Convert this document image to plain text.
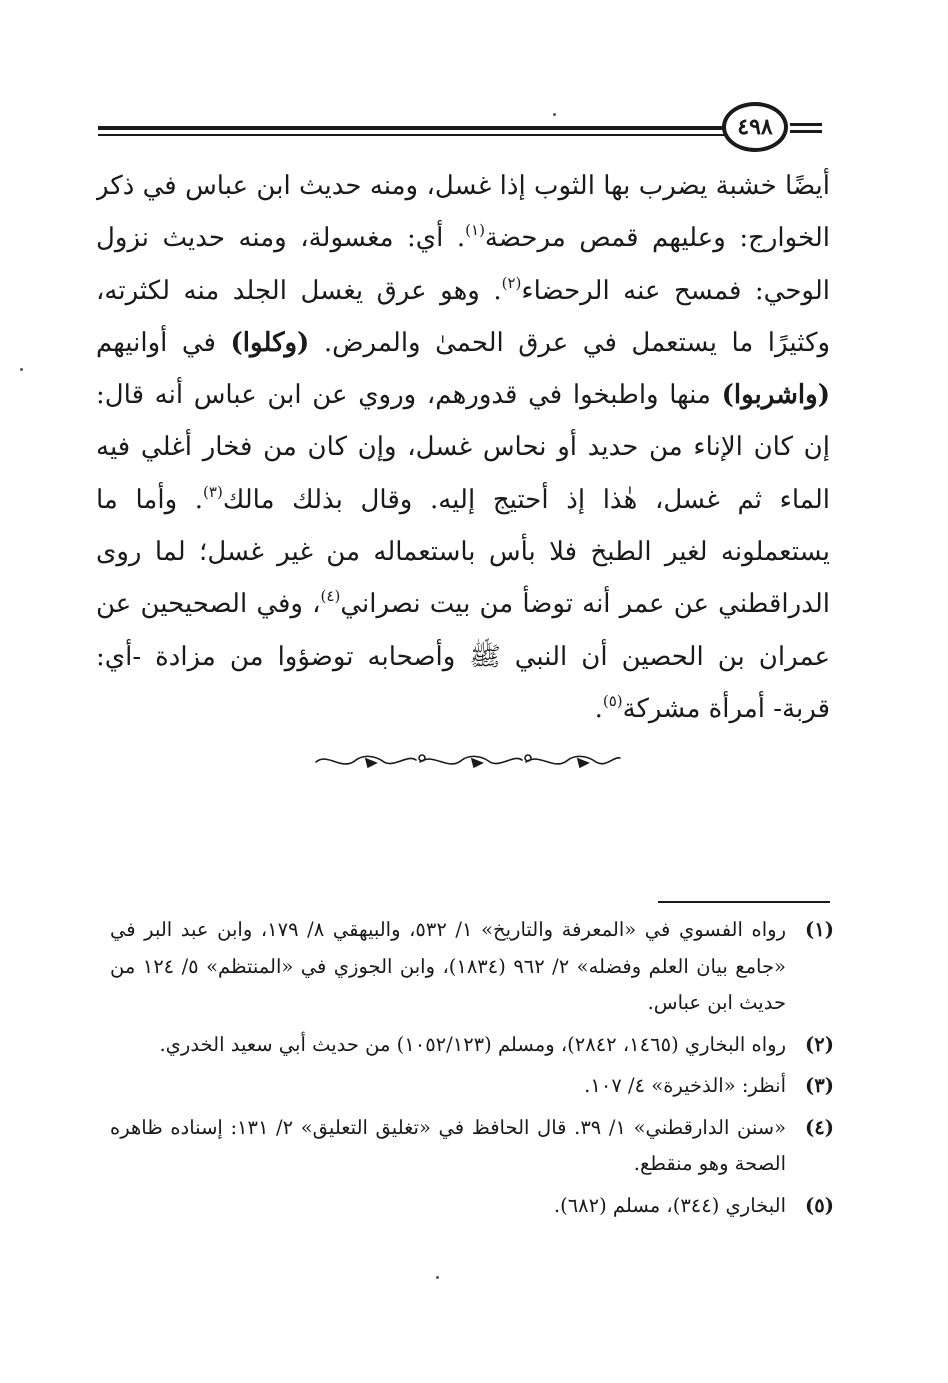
٤٩٨
أيضًا خشبة يضرب بها الثوب إذا غسل، ومنه حديث ابن عباس في ذكر
الخوارج: وعليهم قمص مرحضة$^{(١)}$. أي: مغسولة، ومنه حديث نزول
الوحي: فمسح عنه الرحضاء$^{(٢)}$. وهو عرق يغسل الجلد منه لكثرته،
وكثيرًا ما يستعمل في عرق الحمىٰ والمرض. (وكلوا) في أوانيهم
(واشربوا) منها واطبخوا في قدورهم، وروي عن ابن عباس أنه قال:
إن كان الإناء من حديد أو نحاس غسل، وإن كان من فخار أغلي فيه
الماء ثم غسل، هٰذا إذ أحتيج إليه. وقال بذلك مالك$^{(٣)}$. وأما ما
يستعملونه لغير الطبخ فلا بأس باستعماله من غير غسل؛ لما روى
الدراقطني عن عمر أنه توضأ من بيت نصراني$^{(٤)}$، وفي الصحيحين عن
عمران بن الحصين أن النبي ﷺ وأصحابه توضؤوا من مزادة -أي:
قربة- أمرأة مشركة$^{(٥)}$.
(١)
رواه الفسوي في «المعرفة والتاريخ» ١/ ٥٣٢، والبيهقي ٨/ ١٧٩، وابن عبد البر في «جامع بيان العلم وفضله» ٢/ ٩٦٢ (١٨٣٤)، وابن الجوزي في «المنتظم» ٥/ ١٢٤ من حديث ابن عباس.
(٢)
رواه البخاري (١٤٦٥، ٢٨٤٢)، ومسلم (١٠٥٢/١٢٣) من حديث أبي سعيد الخدري.
(٣)
أنظر: «الذخيرة» ٤/ ١٠٧.
(٤)
«سنن الدارقطني» ١/ ٣٩. قال الحافظ في «تغليق التعليق» ٢/ ١٣١: إسناده ظاهره الصحة وهو منقطع.
(٥)
البخاري (٣٤٤)، مسلم (٦٨٢).
